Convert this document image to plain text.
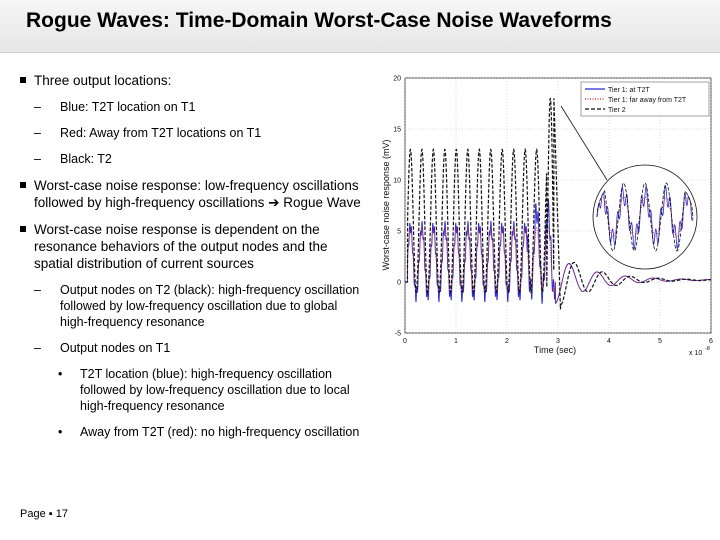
Rogue Waves: Time-Domain Worst-Case Noise Waveforms
Three output locations:
– Blue: T2T location on T1
– Red: Away from T2T locations on T1
– Black: T2
Worst-case noise response: low-frequency oscillations followed by high-frequency oscillations ➔ Rogue Wave
Worst-case noise response is dependent on the resonance behaviors of the output nodes and the spatial distribution of current sources
– Output nodes on T2 (black): high-frequency oscillation followed by low-frequency oscillation due to global high-frequency resonance
– Output nodes on T1
• T2T location (blue): high-frequency oscillation followed by low-frequency oscillation due to local high-frequency resonance
• Away from T2T (red): no high-frequency oscillation
0	1	2	3	4	5	6
-5
0
5
10
15
20
Tier 1: at T2T
Tier 1: far away from T2T
Tier 2
Time (sec)	x 10
-8
Worst-case noise response (mV)
Page ▪ 17
